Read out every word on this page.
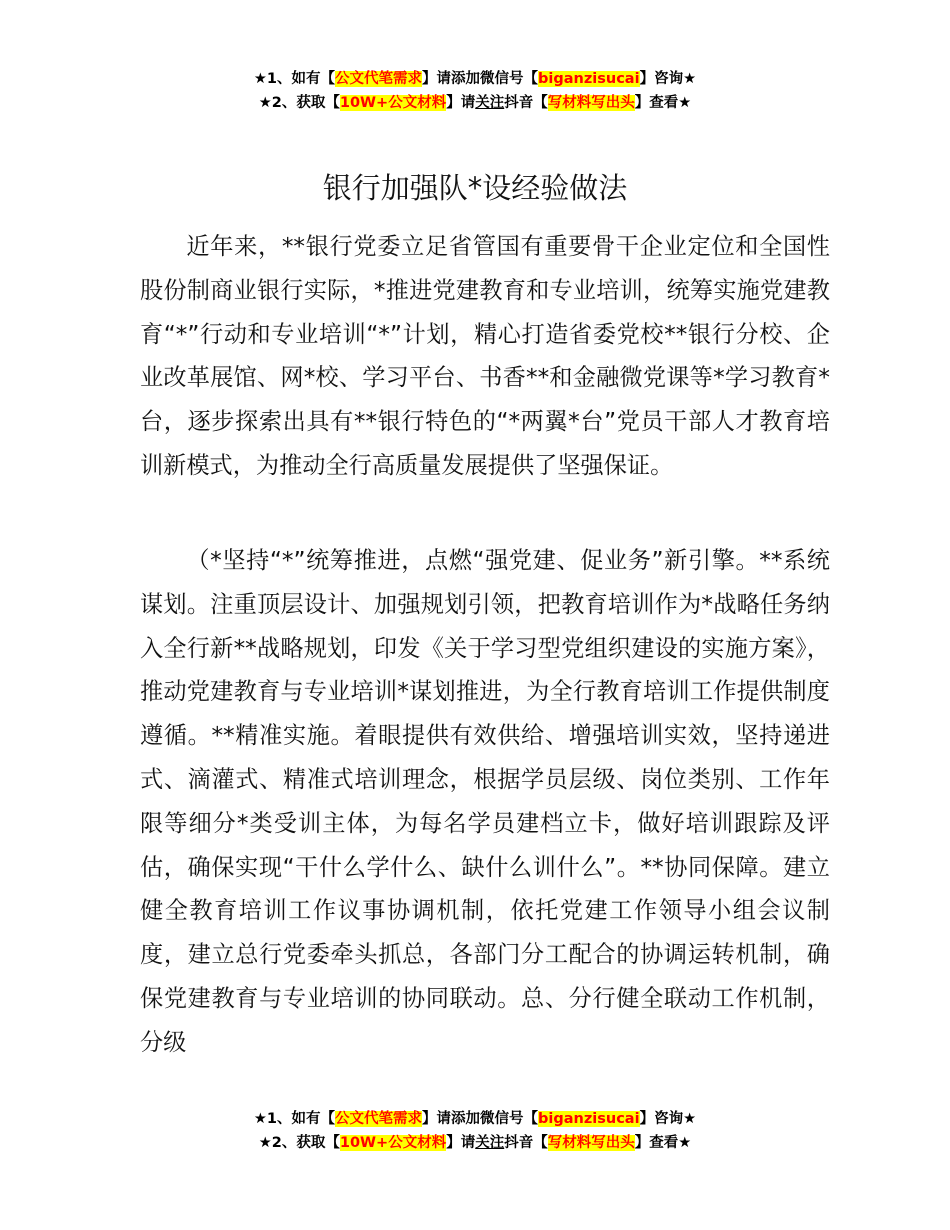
★1、如有【公文代笔需求】请添加微信号【biganzisucai】咨询★
★2、获取【10W+公文材料】请关注抖音【写材料写出头】查看★
银行加强队*设经验做法

近年来，**银行党委立足省管国有重要骨干企业定位和全国性股份制商业银行实际，*推进党建教育和专业培训，统筹实施党建教育“*”行动和专业培训“*”计划，精心打造省委党校**银行分校、企业改革展馆、网*校、学习平台、书香**和金融微党课等*学习教育*台，逐步探索出具有**银行特色的“*两翼*台”党员干部人才教育培训新模式，为推动全行高质量发展提供了坚强保证。

（*坚持“*”统筹推进，点燃“强党建、促业务”新引擎。**系统谋划。注重顶层设计、加强规划引领，把教育培训作为*战略任务纳入全行新**战略规划，印发《关于学习型党组织建设的实施方案》，推动党建教育与专业培训*谋划推进，为全行教育培训工作提供制度遵循。**精准实施。着眼提供有效供给、增强培训实效，坚持递进式、滴灌式、精准式培训理念，根据学员层级、岗位类别、工作年限等细分*类受训主体，为每名学员建档立卡，做好培训跟踪及评估，确保实现“干什么学什么、缺什么训什么”。**协同保障。建立健全教育培训工作议事协调机制，依托党建工作领导小组会议制度，建立总行党委牵头抓总，各部门分工配合的协调运转机制，确保党建教育与专业培训的协同联动。总、分行健全联动工作机制，分级

★1、如有【公文代笔需求】请添加微信号【biganzisucai】咨询★
★2、获取【10W+公文材料】请关注抖音【写材料写出头】查看★
